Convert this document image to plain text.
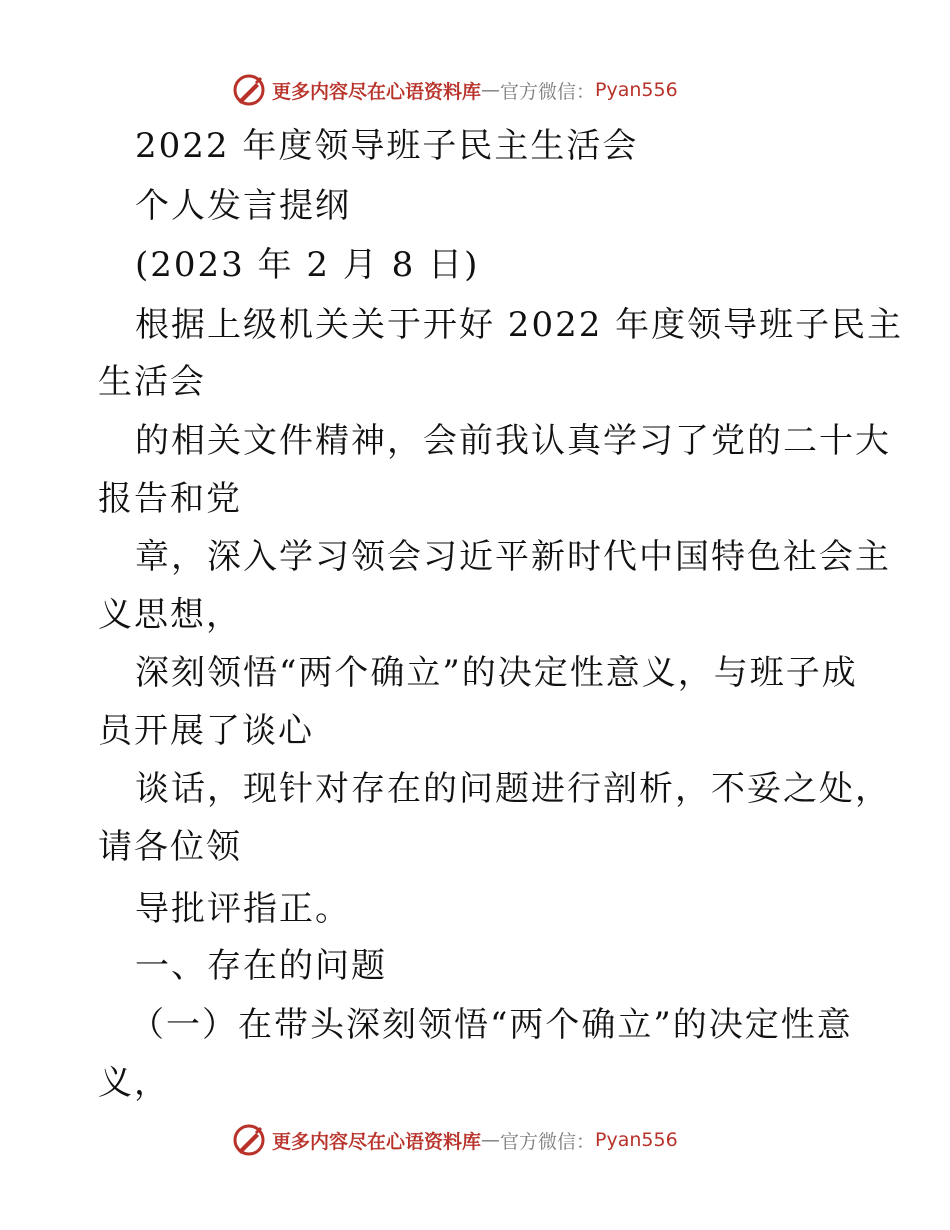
更多内容尽在心语资料库 — 官方微信： Pyan556
2022 年度领导班子民主生活会
个人发言提纲
(2023 年 2 月 8 日)
根据上级机关关于开好 2022 年度领导班子民主
生活会
的相关文件精神，会前我认真学习了党的二十大
报告和党
章，深入学习领会习近平新时代中国特色社会主
义思想，
深刻领悟“两个确立”的决定性意义，与班子成
员开展了谈心
谈话，现针对存在的问题进行剖析，不妥之处，
请各位领
导批评指正。
一、存在的问题
（一）在带头深刻领悟“两个确立”的决定性意
义，
更多内容尽在心语资料库 — 官方微信： Pyan556
